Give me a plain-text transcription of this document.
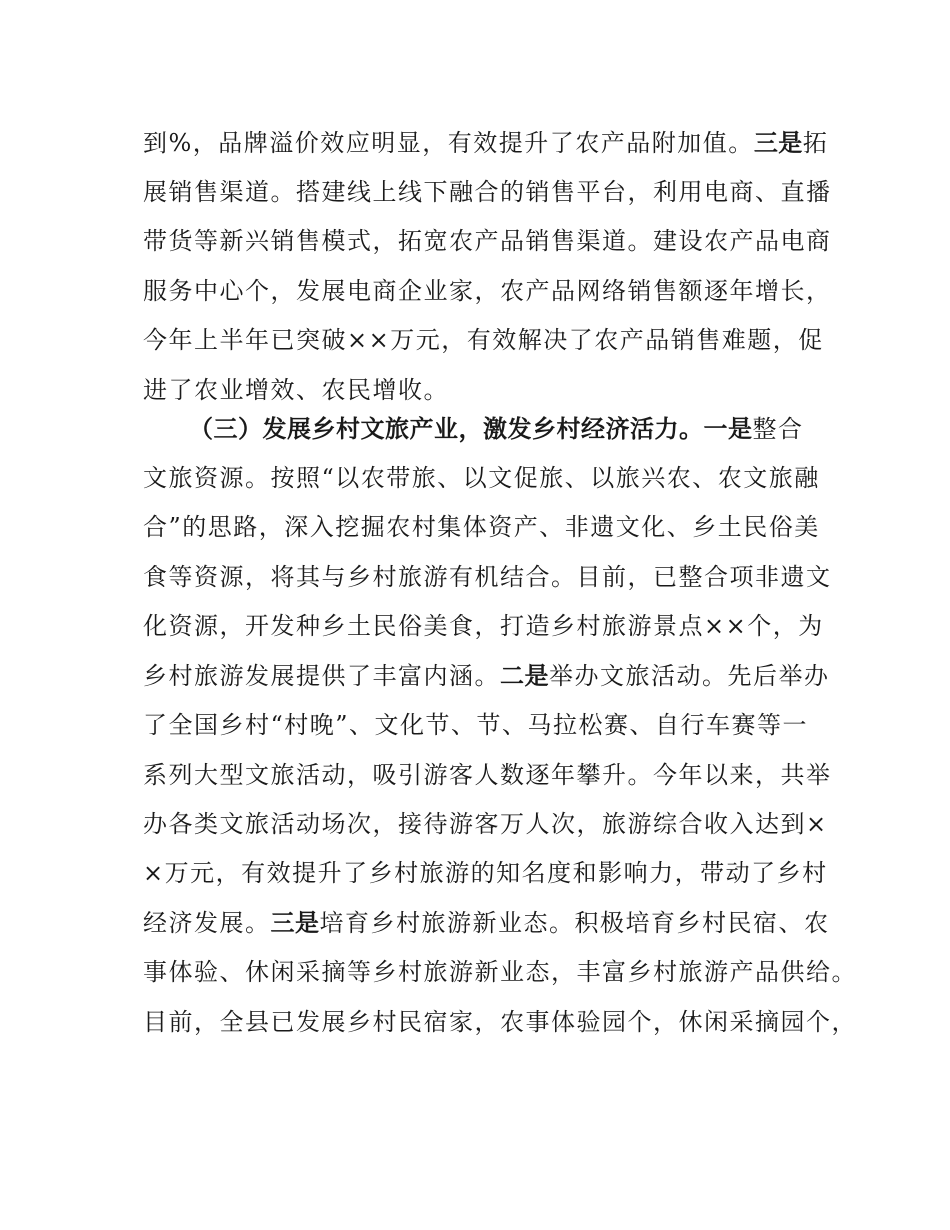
到%，品牌溢价效应明显，有效提升了农产品附加值。三是拓
展销售渠道。搭建线上线下融合的销售平台，利用电商、直播
带货等新兴销售模式，拓宽农产品销售渠道。建设农产品电商
服务中心个，发展电商企业家，农产品网络销售额逐年增长，
今年上半年已突破××万元，有效解决了农产品销售难题，促
进了农业增效、农民增收。
（三）发展乡村文旅产业，激发乡村经济活力。一是整合
文旅资源。按照“以农带旅、以文促旅、以旅兴农、农文旅融
合”的思路，深入挖掘农村集体资产、非遗文化、乡土民俗美
食等资源，将其与乡村旅游有机结合。目前，已整合项非遗文
化资源，开发种乡土民俗美食，打造乡村旅游景点××个，为
乡村旅游发展提供了丰富内涵。二是举办文旅活动。先后举办
了全国乡村“村晚”、文化节、节、马拉松赛、自行车赛等一
系列大型文旅活动，吸引游客人数逐年攀升。今年以来，共举
办各类文旅活动场次，接待游客万人次，旅游综合收入达到×
×万元，有效提升了乡村旅游的知名度和影响力，带动了乡村
经济发展。三是培育乡村旅游新业态。积极培育乡村民宿、农
事体验、休闲采摘等乡村旅游新业态，丰富乡村旅游产品供给。
目前，全县已发展乡村民宿家，农事体验园个，休闲采摘园个，
